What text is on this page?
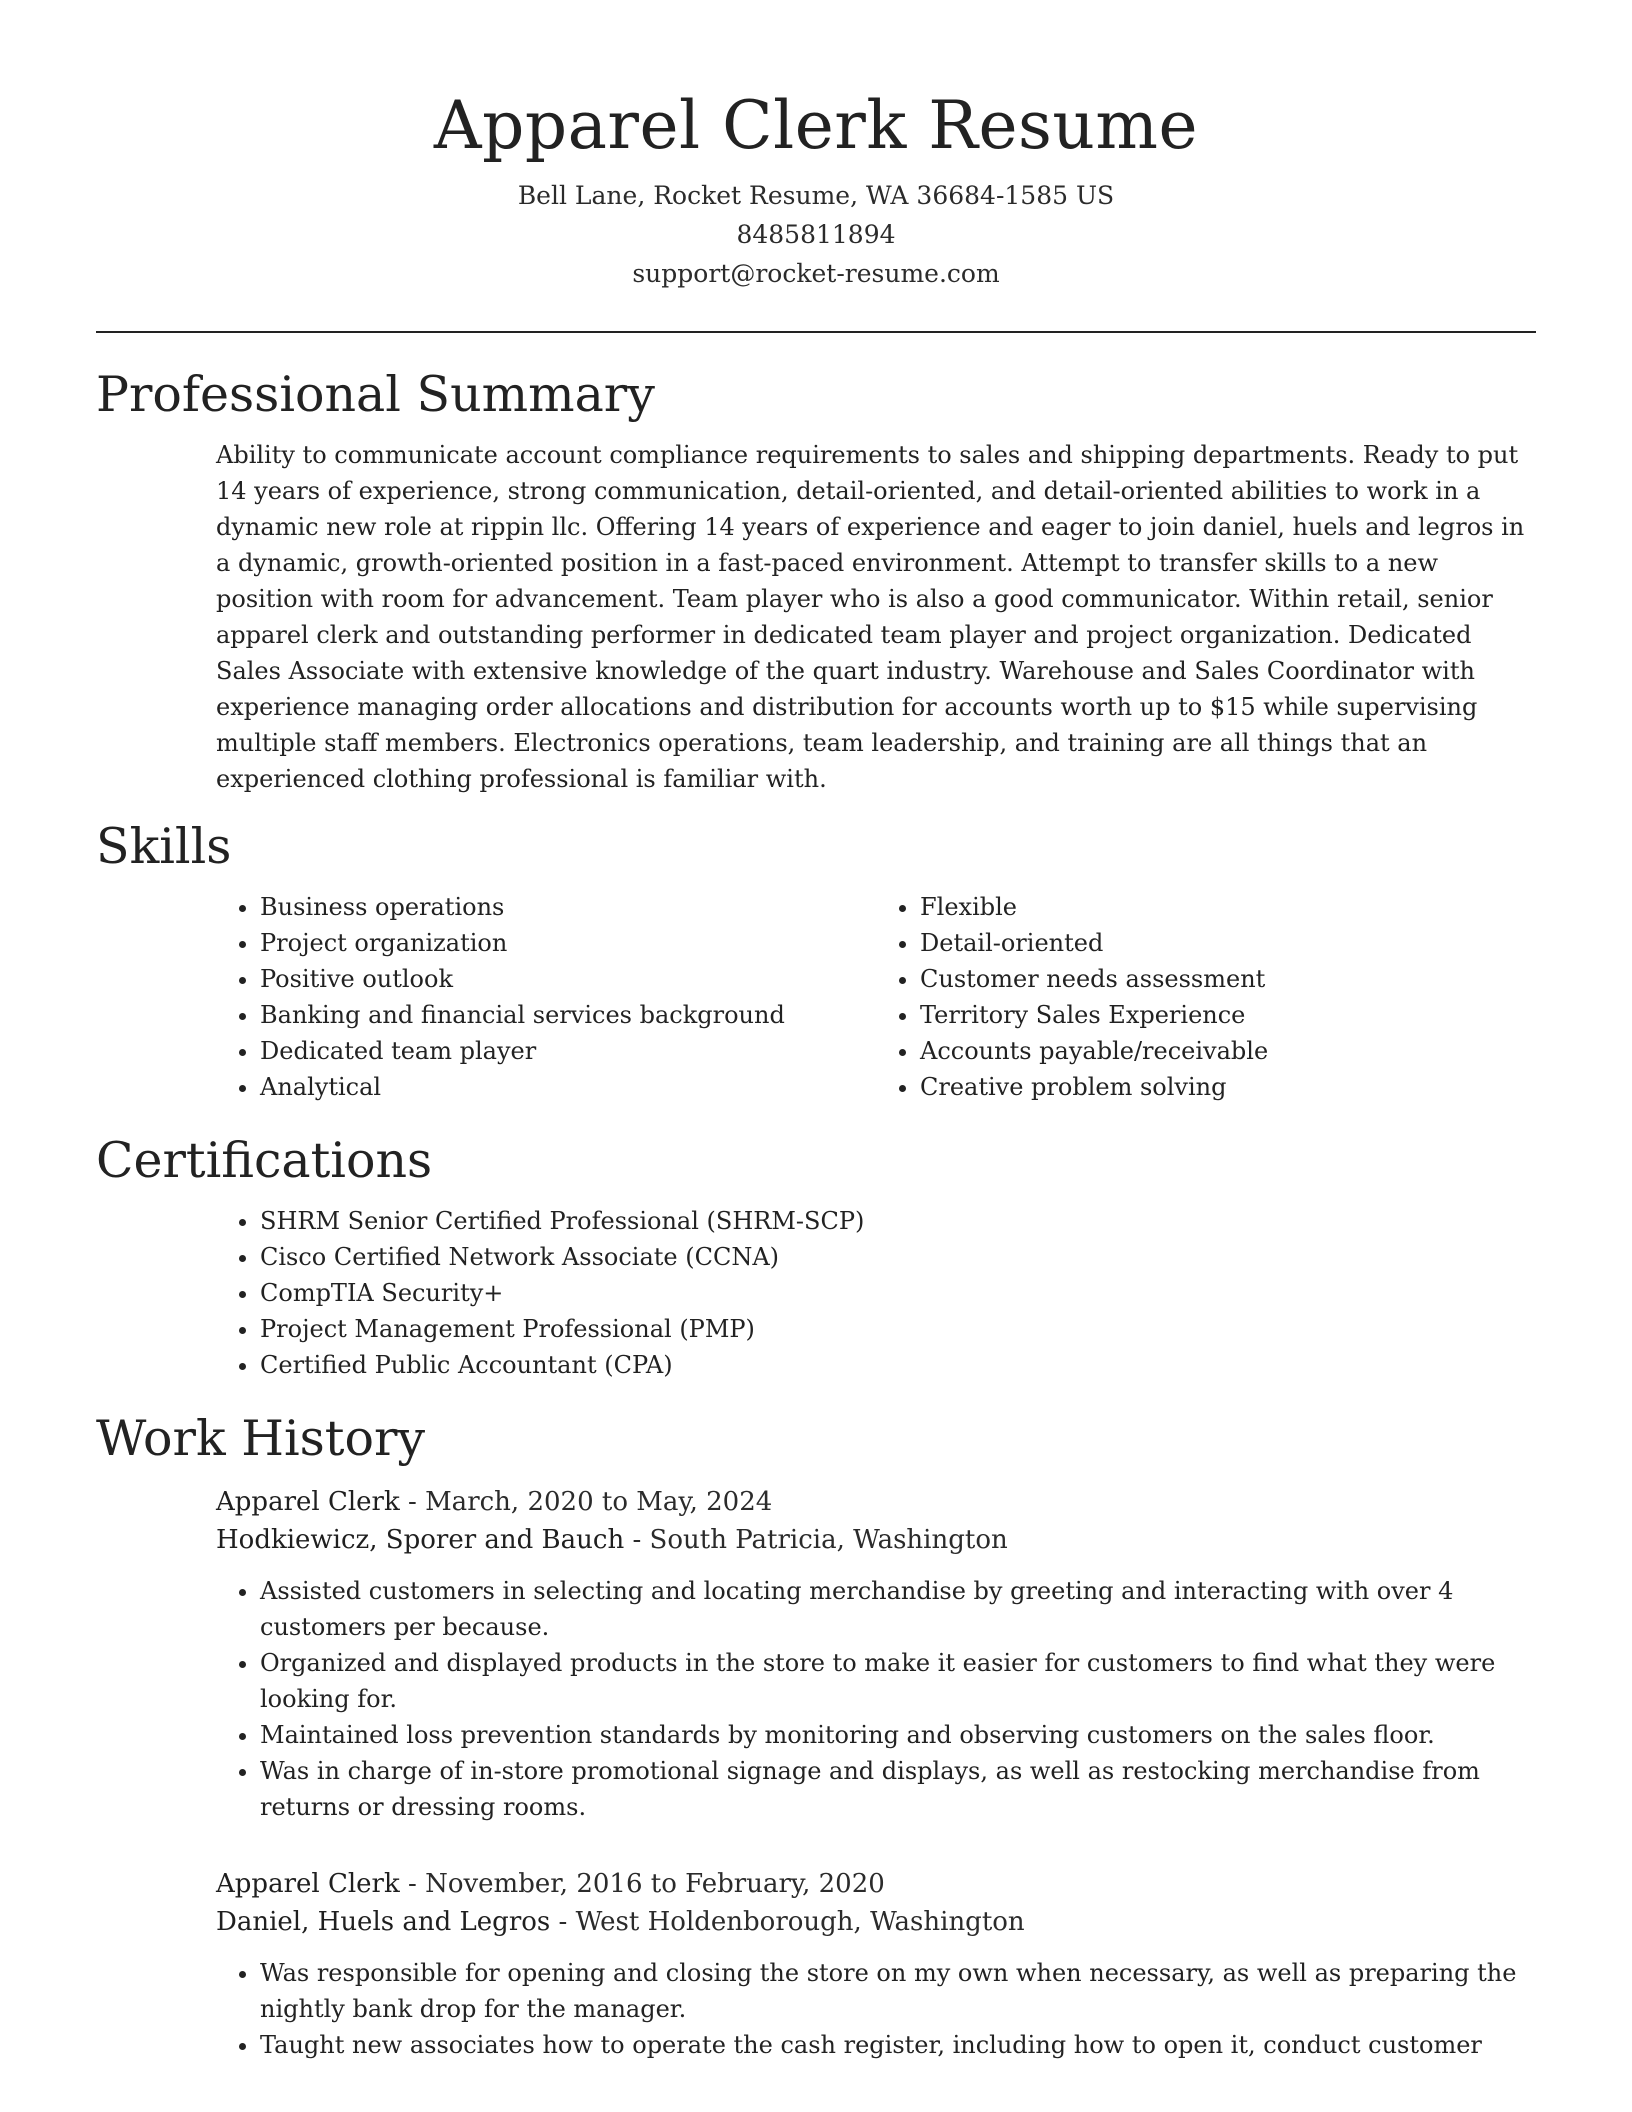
Apparel Clerk Resume
Bell Lane, Rocket Resume, WA 36684-1585 US
8485811894
support@rocket-resume.com
Professional Summary

Ability to communicate account compliance requirements to sales and shipping departments. Ready to put 14 years of experience, strong communication, detail-oriented, and detail-oriented abilities to work in a dynamic new role at rippin llc. Offering 14 years of experience and eager to join daniel, huels and legros in a dynamic, growth-oriented position in a fast-paced environment. Attempt to transfer skills to a new position with room for advancement. Team player who is also a good communicator. Within retail, senior apparel clerk and outstanding performer in dedicated team player and project organization. Dedicated Sales Associate with extensive knowledge of the quart industry. Warehouse and Sales Coordinator with experience managing order allocations and distribution for accounts worth up to $15 while supervising multiple staff members. Electronics operations, team leadership, and training are all things that an experienced clothing professional is familiar with.

Skills
• Business operations
• Project organization
• Positive outlook
• Banking and financial services background
• Dedicated team player
• Analytical
• Flexible
• Detail-oriented
• Customer needs assessment
• Territory Sales Experience
• Accounts payable/receivable
• Creative problem solving
Certifications
• SHRM Senior Certified Professional (SHRM-SCP)
• Cisco Certified Network Associate (CCNA)
• CompTIA Security+
• Project Management Professional (PMP)
• Certified Public Accountant (CPA)
Work History
Apparel Clerk - March, 2020 to May, 2024
Hodkiewicz, Sporer and Bauch - South Patricia, Washington
• Assisted customers in selecting and locating merchandise by greeting and interacting with over 4 customers per because.
• Organized and displayed products in the store to make it easier for customers to find what they were looking for.
• Maintained loss prevention standards by monitoring and observing customers on the sales floor.
• Was in charge of in-store promotional signage and displays, as well as restocking merchandise from returns or dressing rooms.
Apparel Clerk - November, 2016 to February, 2020
Daniel, Huels and Legros - West Holdenborough, Washington
• Was responsible for opening and closing the store on my own when necessary, as well as preparing the nightly bank drop for the manager.
• Taught new associates how to operate the cash register, including how to open it, conduct customer
